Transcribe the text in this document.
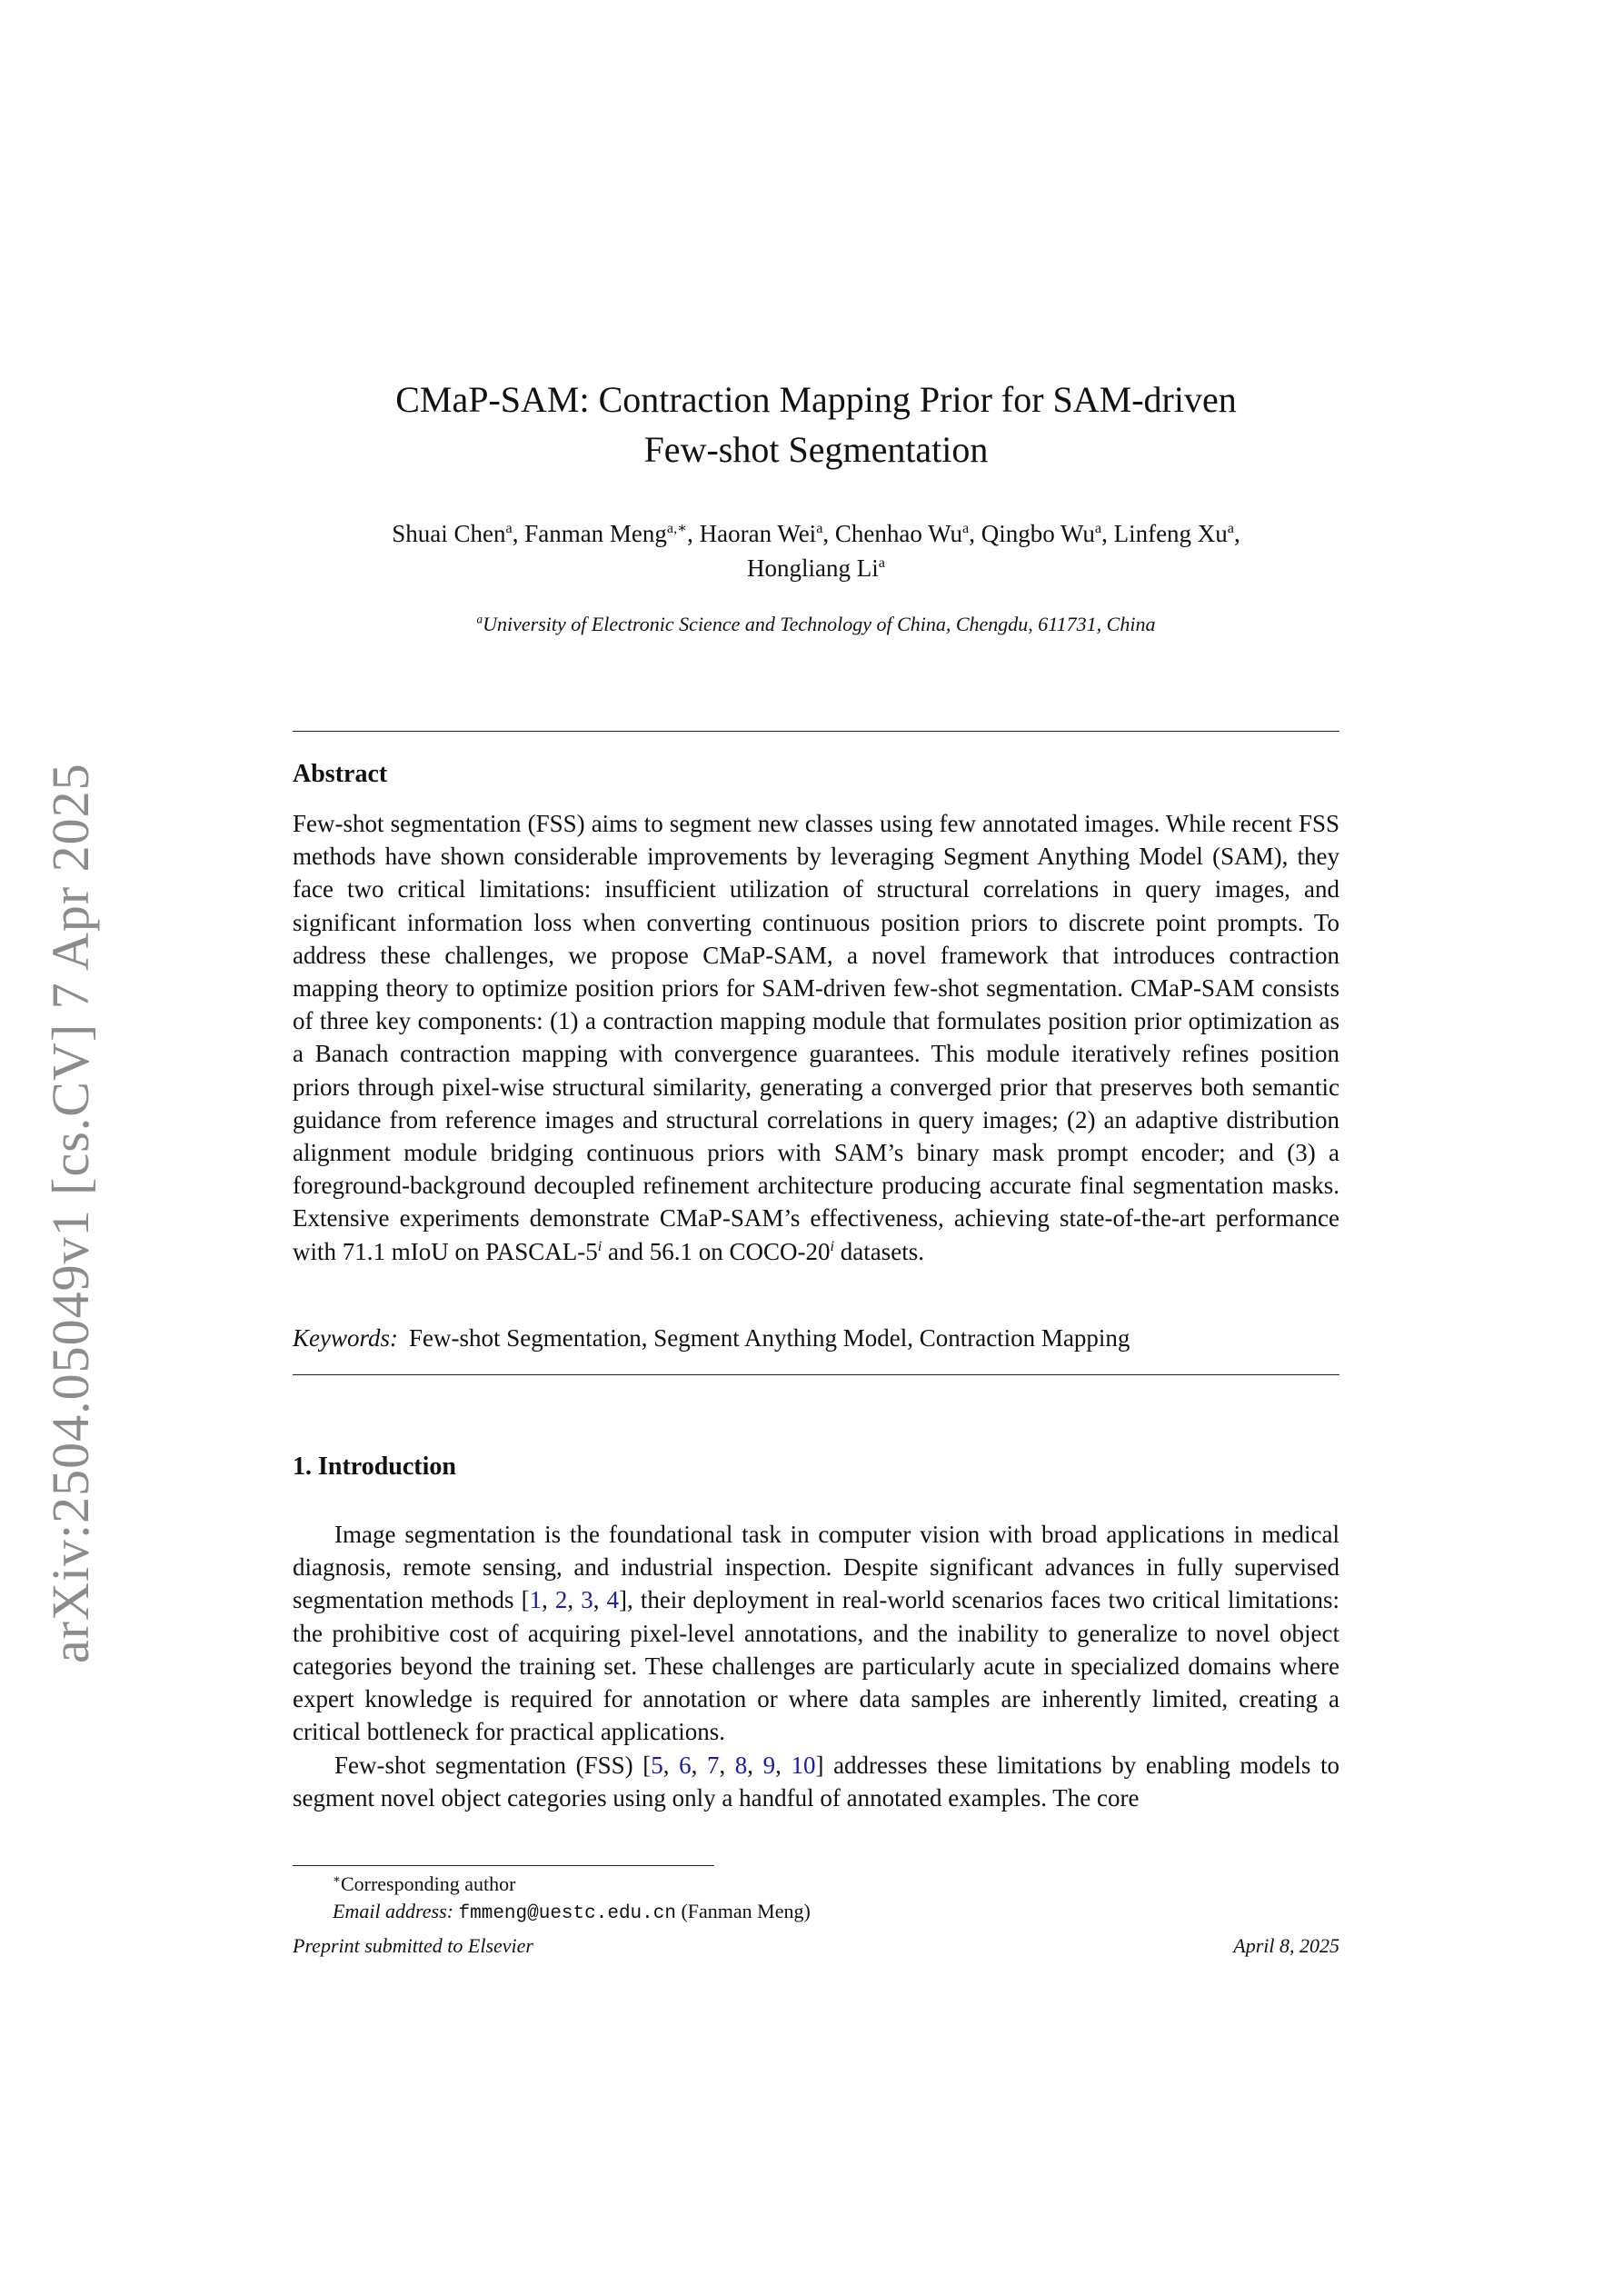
arXiv:2504.05049v1 [cs.CV] 7 Apr 2025
CMaP-SAM: Contraction Mapping Prior for SAM-driven
Few-shot Segmentation
Shuai Chen$^a$, Fanman Meng$^{a,∗}$, Haoran Wei$^a$, Chenhao Wu$^a$, Qingbo Wu$^a$, Linfeng Xu$^a$,
Hongliang Li$^a$
$^a$University of Electronic Science and Technology of China, Chengdu, 611731, China
Abstract
Few-shot segmentation (FSS) aims to segment new classes using few annotated images. While recent FSS methods have shown considerable improvements by leveraging Segment Anything Model (SAM), they face two critical limitations: insufficient utilization of structural correlations in query images, and significant information loss when converting continuous position priors to discrete point prompts. To address these challenges, we propose CMaP-SAM, a novel framework that introduces contraction mapping theory to optimize position priors for SAM-driven few-shot segmentation. CMaP-SAM consists of three key components: (1) a contraction mapping module that formulates position prior optimization as a Banach contraction mapping with convergence guarantees. This module iteratively refines position priors through pixel-wise structural similarity, generating a converged prior that preserves both semantic guidance from reference images and structural correlations in query images; (2) an adaptive distribution alignment module bridging continuous priors with SAM’s binary mask prompt encoder; and (3) a foreground-background decoupled refinement architecture producing accurate final segmentation masks. Extensive experiments demonstrate CMaP-SAM’s effectiveness, achieving state-of-the-art performance with 71.1 mIoU on PASCAL-5$^i$ and 56.1 on COCO-20$^i$ datasets.
Keywords: Few-shot Segmentation, Segment Anything Model, Contraction Mapping
1. Introduction
Image segmentation is the foundational task in computer vision with broad applications in medical diagnosis, remote sensing, and industrial inspection. Despite significant advances in fully supervised segmentation methods [1, 2, 3, 4], their deployment in real-world scenarios faces two critical limitations: the prohibitive cost of acquiring pixel-level annotations, and the inability to generalize to novel object categories beyond the training set. These challenges are particularly acute in specialized domains where expert knowledge is required for annotation or where data samples are inherently limited, creating a critical bottleneck for practical applications.
Few-shot segmentation (FSS) [5, 6, 7, 8, 9, 10] addresses these limitations by enabling models to segment novel object categories using only a handful of annotated examples. The core
∗Corresponding author
Email address: fmmeng@uestc.edu.cn (Fanman Meng)
Preprint submitted to Elsevier	April 8, 2025
